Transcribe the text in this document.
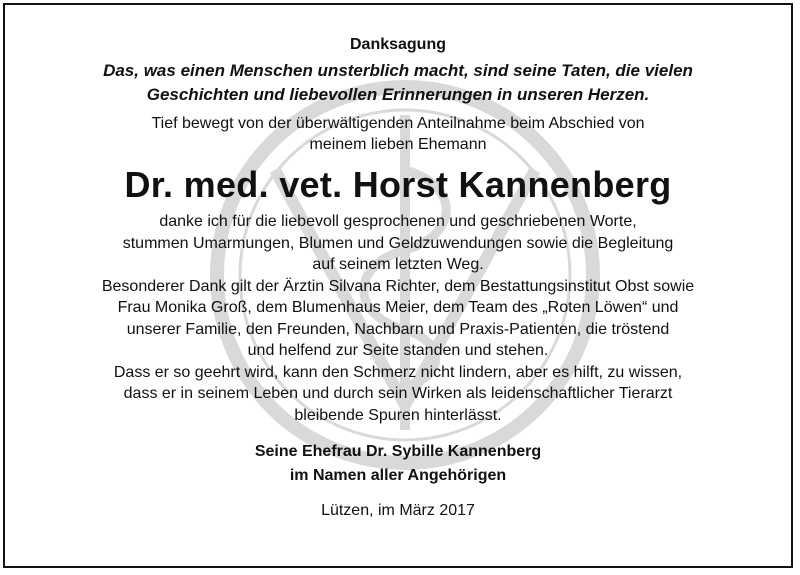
Danksagung
Das, was einen Menschen unsterblich macht, sind seine Taten, die vielen
Geschichten und liebevollen Erinnerungen in unseren Herzen.
Tief bewegt von der überwältigenden Anteilnahme beim Abschied von
meinem lieben Ehemann
Dr. med. vet. Horst Kannenberg
danke ich für die liebevoll gesprochenen und geschriebenen Worte,
stummen Umarmungen, Blumen und Geldzuwendungen sowie die Begleitung
auf seinem letzten Weg.
Besonderer Dank gilt der Ärztin Silvana Richter, dem Bestattungsinstitut Obst sowie
Frau Monika Groß, dem Blumenhaus Meier, dem Team des „Roten Löwen“ und
unserer Familie, den Freunden, Nachbarn und Praxis-Patienten, die tröstend
und helfend zur Seite standen und stehen.
Dass er so geehrt wird, kann den Schmerz nicht lindern, aber es hilft, zu wissen,
dass er in seinem Leben und durch sein Wirken als leidenschaftlicher Tierarzt
bleibende Spuren hinterlässt.
Seine Ehefrau Dr. Sybille Kannenberg
im Namen aller Angehörigen
Lützen, im März 2017
